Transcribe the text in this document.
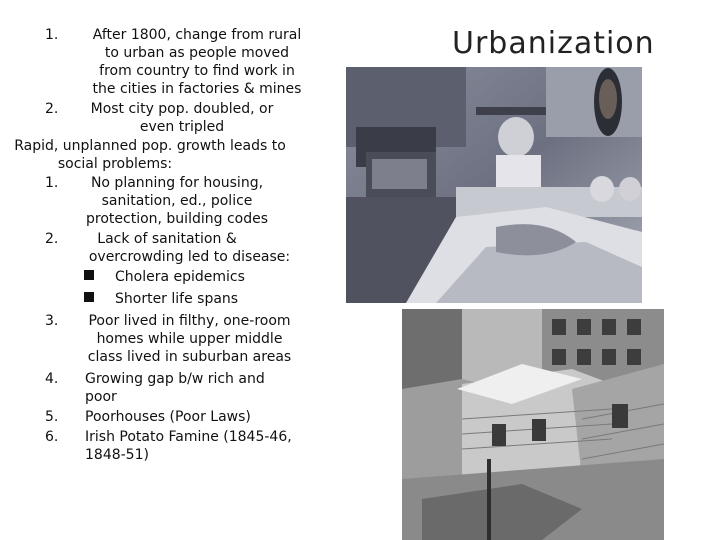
Urbanization
1.	After 1800, change from rural
to urban as people moved
from country to find work in
the cities in factories & mines
2.	Most city pop. doubled, or
even tripled
Rapid, unplanned pop. growth leads to
social problems:
1.	No planning for housing,
sanitation, ed., police
protection, building codes
2.	Lack of sanitation &
overcrowding led to disease:
Cholera epidemics
Shorter life spans
3.	Poor lived in filthy, one-room
homes while upper middle
class lived in suburban areas
4. Growing gap b/w rich and
poor
5. Poorhouses (Poor Laws)
6. Irish Potato Famine (1845-46,
1848-51)
